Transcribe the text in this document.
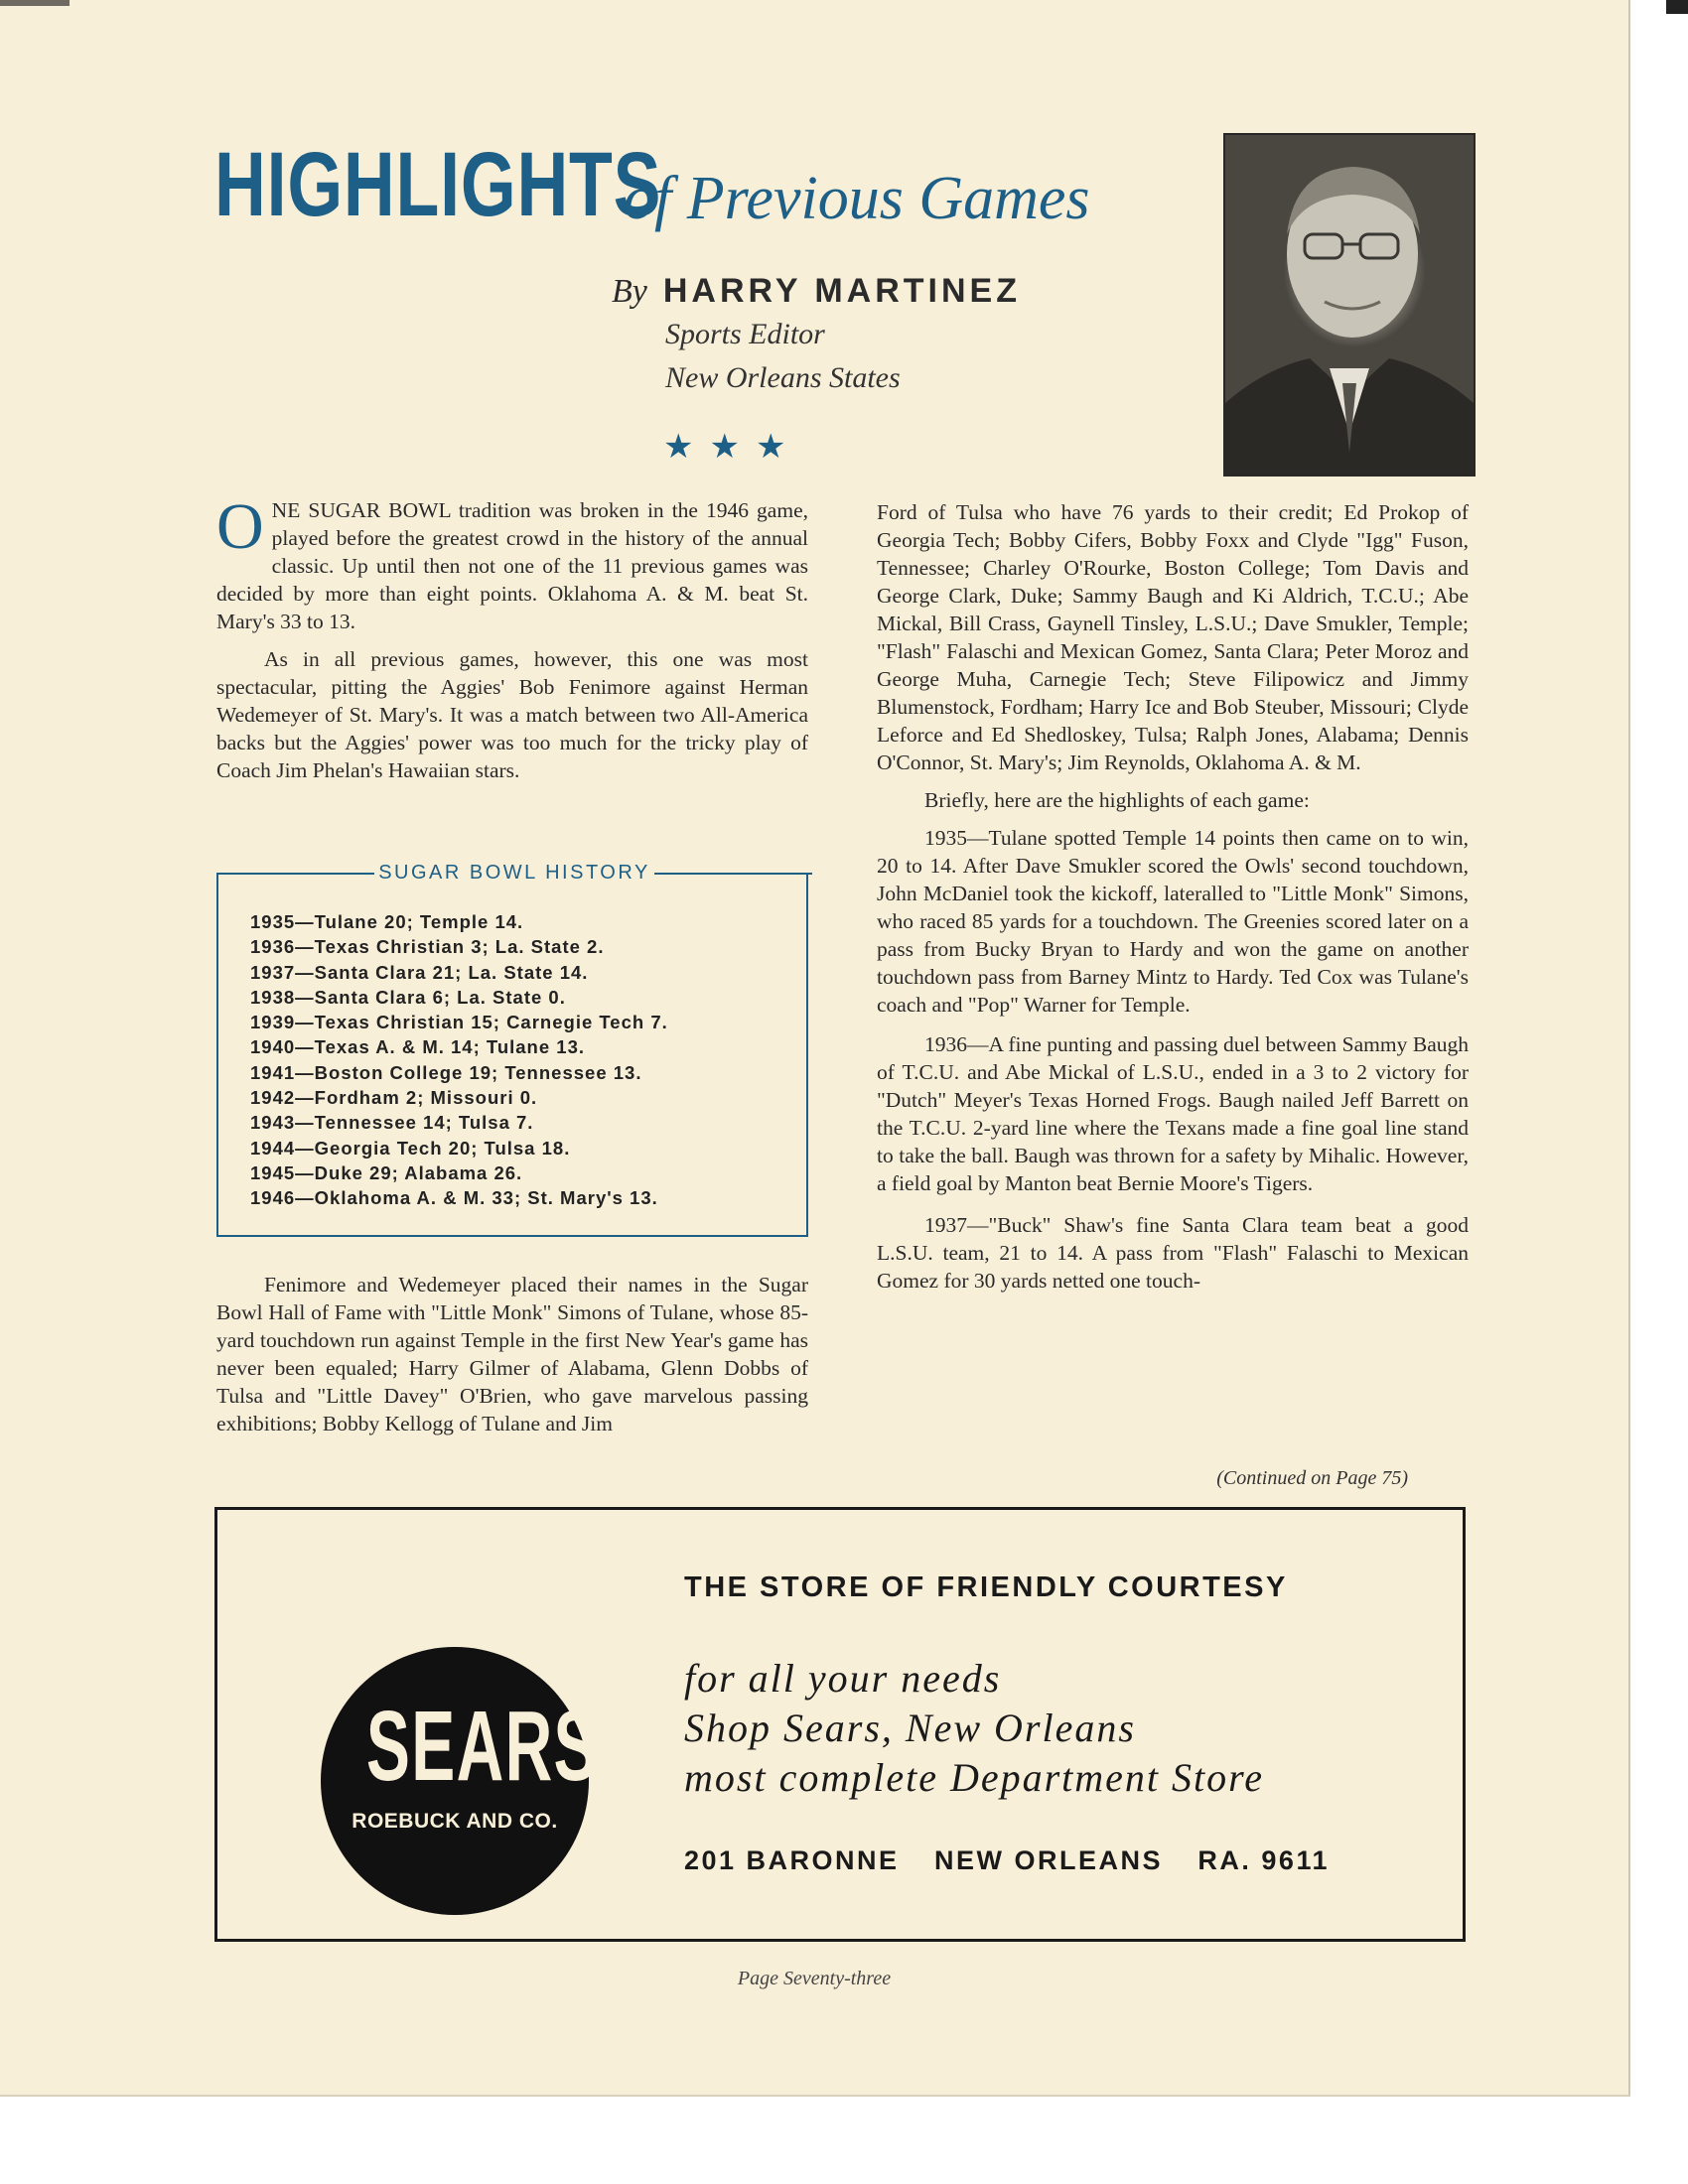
HIGHLIGHTS
of Previous Games
By HARRY MARTINEZ
Sports Editor
New Orleans States
★★★

ONE SUGAR BOWL tradition was broken in the 1946 game, played before the greatest crowd in the history of the annual classic. Up until then not one of the 11 previous games was decided by more than eight points. Oklahoma A. & M. beat St. Mary's 33 to 13.

As in all previous games, however, this one was most spectacular, pitting the Aggies' Bob Fenimore against Herman Wedemeyer of St. Mary's. It was a match between two All-America backs but the Aggies' power was too much for the tricky play of Coach Jim Phelan's Hawaiian stars.

SUGAR BOWL HISTORY
1935—Tulane 20; Temple 14.
1936—Texas Christian 3; La. State 2.
1937—Santa Clara 21; La. State 14.
1938—Santa Clara 6; La. State 0.
1939—Texas Christian 15; Carnegie Tech 7.
1940—Texas A. & M. 14; Tulane 13.
1941—Boston College 19; Tennessee 13.
1942—Fordham 2; Missouri 0.
1943—Tennessee 14; Tulsa 7.
1944—Georgia Tech 20; Tulsa 18.
1945—Duke 29; Alabama 26.
1946—Oklahoma A. & M. 33; St. Mary's 13.

Fenimore and Wedemeyer placed their names in the Sugar Bowl Hall of Fame with "Little Monk" Simons of Tulane, whose 85-yard touchdown run against Temple in the first New Year's game has never been equaled; Harry Gilmer of Alabama, Glenn Dobbs of Tulsa and "Little Davey" O'Brien, who gave marvelous passing exhibitions; Bobby Kellogg of Tulane and Jim

Ford of Tulsa who have 76 yards to their credit; Ed Prokop of Georgia Tech; Bobby Cifers, Bobby Foxx and Clyde "Igg" Fuson, Tennessee; Charley O'Rourke, Boston College; Tom Davis and George Clark, Duke; Sammy Baugh and Ki Aldrich, T.C.U.; Abe Mickal, Bill Crass, Gaynell Tinsley, L.S.U.; Dave Smukler, Temple; "Flash" Falaschi and Mexican Gomez, Santa Clara; Peter Moroz and George Muha, Carnegie Tech; Steve Filipowicz and Jimmy Blumenstock, Fordham; Harry Ice and Bob Steuber, Missouri; Clyde Leforce and Ed Shedloskey, Tulsa; Ralph Jones, Alabama; Dennis O'Connor, St. Mary's; Jim Reynolds, Oklahoma A. & M.

Briefly, here are the highlights of each game:

1935—Tulane spotted Temple 14 points then came on to win, 20 to 14. After Dave Smukler scored the Owls' second touchdown, John McDaniel took the kickoff, lateralled to "Little Monk" Simons, who raced 85 yards for a touchdown. The Greenies scored later on a pass from Bucky Bryan to Hardy and won the game on another touchdown pass from Barney Mintz to Hardy. Ted Cox was Tulane's coach and "Pop" Warner for Temple.

1936—A fine punting and passing duel between Sammy Baugh of T.C.U. and Abe Mickal of L.S.U., ended in a 3 to 2 victory for "Dutch" Meyer's Texas Horned Frogs. Baugh nailed Jeff Barrett on the T.C.U. 2-yard line where the Texans made a fine goal line stand to take the ball. Baugh was thrown for a safety by Mihalic. However, a field goal by Manton beat Bernie Moore's Tigers.

1937—"Buck" Shaw's fine Santa Clara team beat a good L.S.U. team, 21 to 14. A pass from "Flash" Falaschi to Mexican Gomez for 30 yards netted one touch-

(Continued on Page 75)
SEARS
ROEBUCK AND CO.
THE STORE OF FRIENDLY COURTESY
for all your needs
Shop Sears, New Orleans
most complete Department Store
201 BARONNE NEW ORLEANS RA. 9611
Page Seventy-three
